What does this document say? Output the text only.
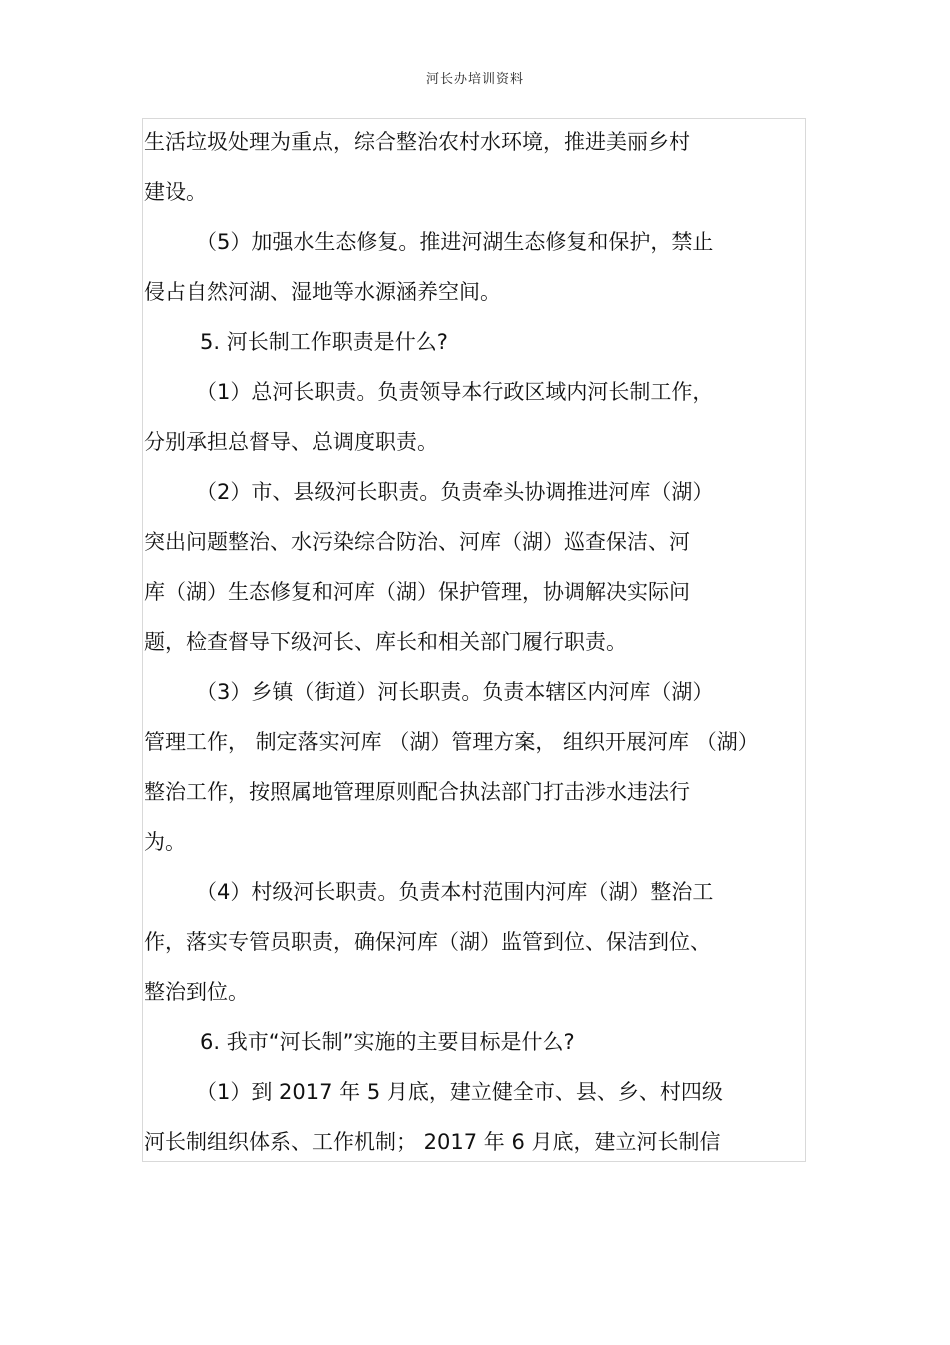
河长办培训资料
生活垃圾处理为重点，综合整治农村水环境，推进美丽乡村
建设。
（5）加强水生态修复。推进河湖生态修复和保护，禁止
侵占自然河湖、湿地等水源涵养空间。
5. 河长制工作职责是什么?
（1）总河长职责。负责领导本行政区域内河长制工作，
分别承担总督导、总调度职责。
（2）市、县级河长职责。负责牵头协调推进河库（湖）
突出问题整治、水污染综合防治、河库（湖）巡查保洁、河
库（湖）生态修复和河库（湖）保护管理，协调解决实际问
题，检查督导下级河长、库长和相关部门履行职责。
（3）乡镇（街道）河长职责。负责本辖区内河库（湖）
管理工作， 制定落实河库 （湖）管理方案， 组织开展河库 （湖）
整治工作，按照属地管理原则配合执法部门打击涉水违法行
为。
（4）村级河长职责。负责本村范围内河库（湖）整治工
作，落实专管员职责，确保河库（湖）监管到位、保洁到位、
整治到位。
6. 我市“河长制”实施的主要目标是什么?
（1）到 2017 年 5 月底，建立健全市、县、乡、村四级
河长制组织体系、工作机制； 2017 年 6 月底，建立河长制信
